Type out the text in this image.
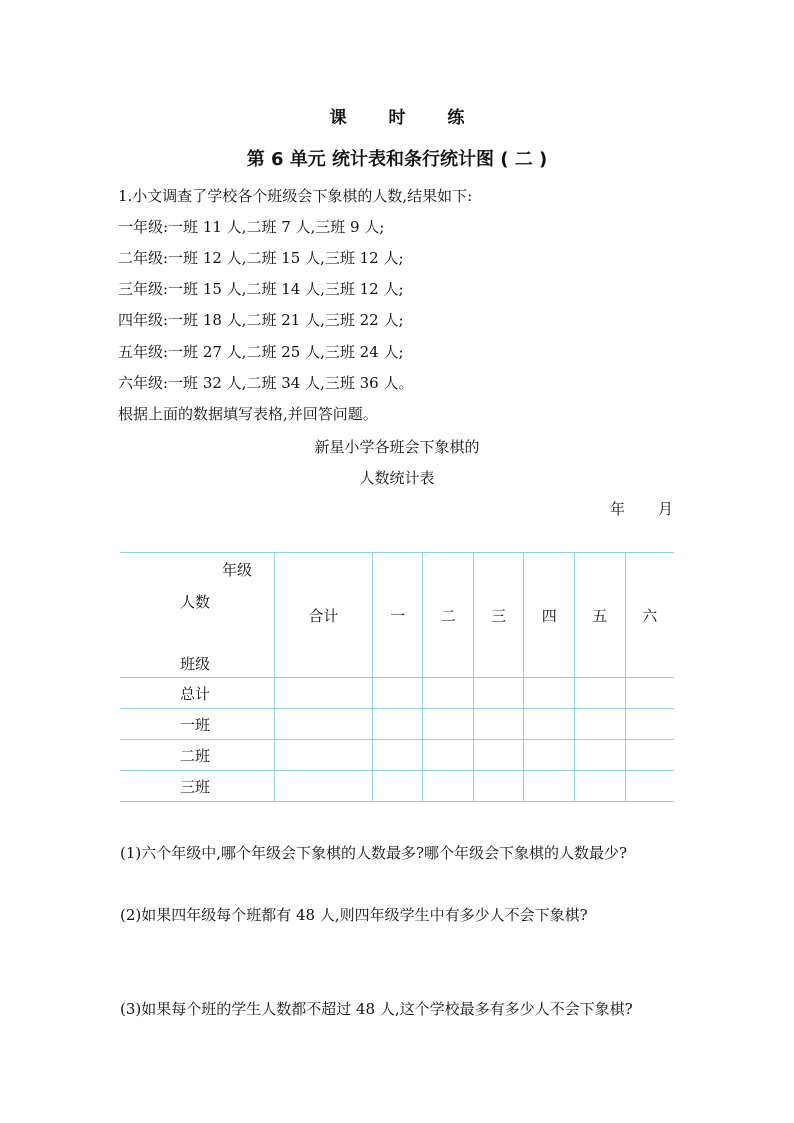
课 时 练
第 6 单元 统计表和条行统计图 ( 二 )
1.小文调查了学校各个班级会下象棋的人数,结果如下:
一年级:一班 11 人,二班 7 人,三班 9 人;
二年级:一班 12 人,二班 15 人,三班 12 人;
三年级:一班 15 人,二班 14 人,三班 12 人;
四年级:一班 18 人,二班 21 人,三班 22 人;
五年级:一班 27 人,二班 25 人,三班 24 人;
六年级:一班 32 人,二班 34 人,三班 36 人。
根据上面的数据填写表格,并回答问题。
新星小学各班会下象棋的
人数统计表
年 月
年级
人数
班级	合计	一	二	三	四	五	六
总计							
一班							
二班							
三班							
(1)六个年级中,哪个年级会下象棋的人数最多?哪个年级会下象棋的人数最少?
(2)如果四年级每个班都有 48 人,则四年级学生中有多少人不会下象棋?
(3)如果每个班的学生人数都不超过 48 人,这个学校最多有多少人不会下象棋?
